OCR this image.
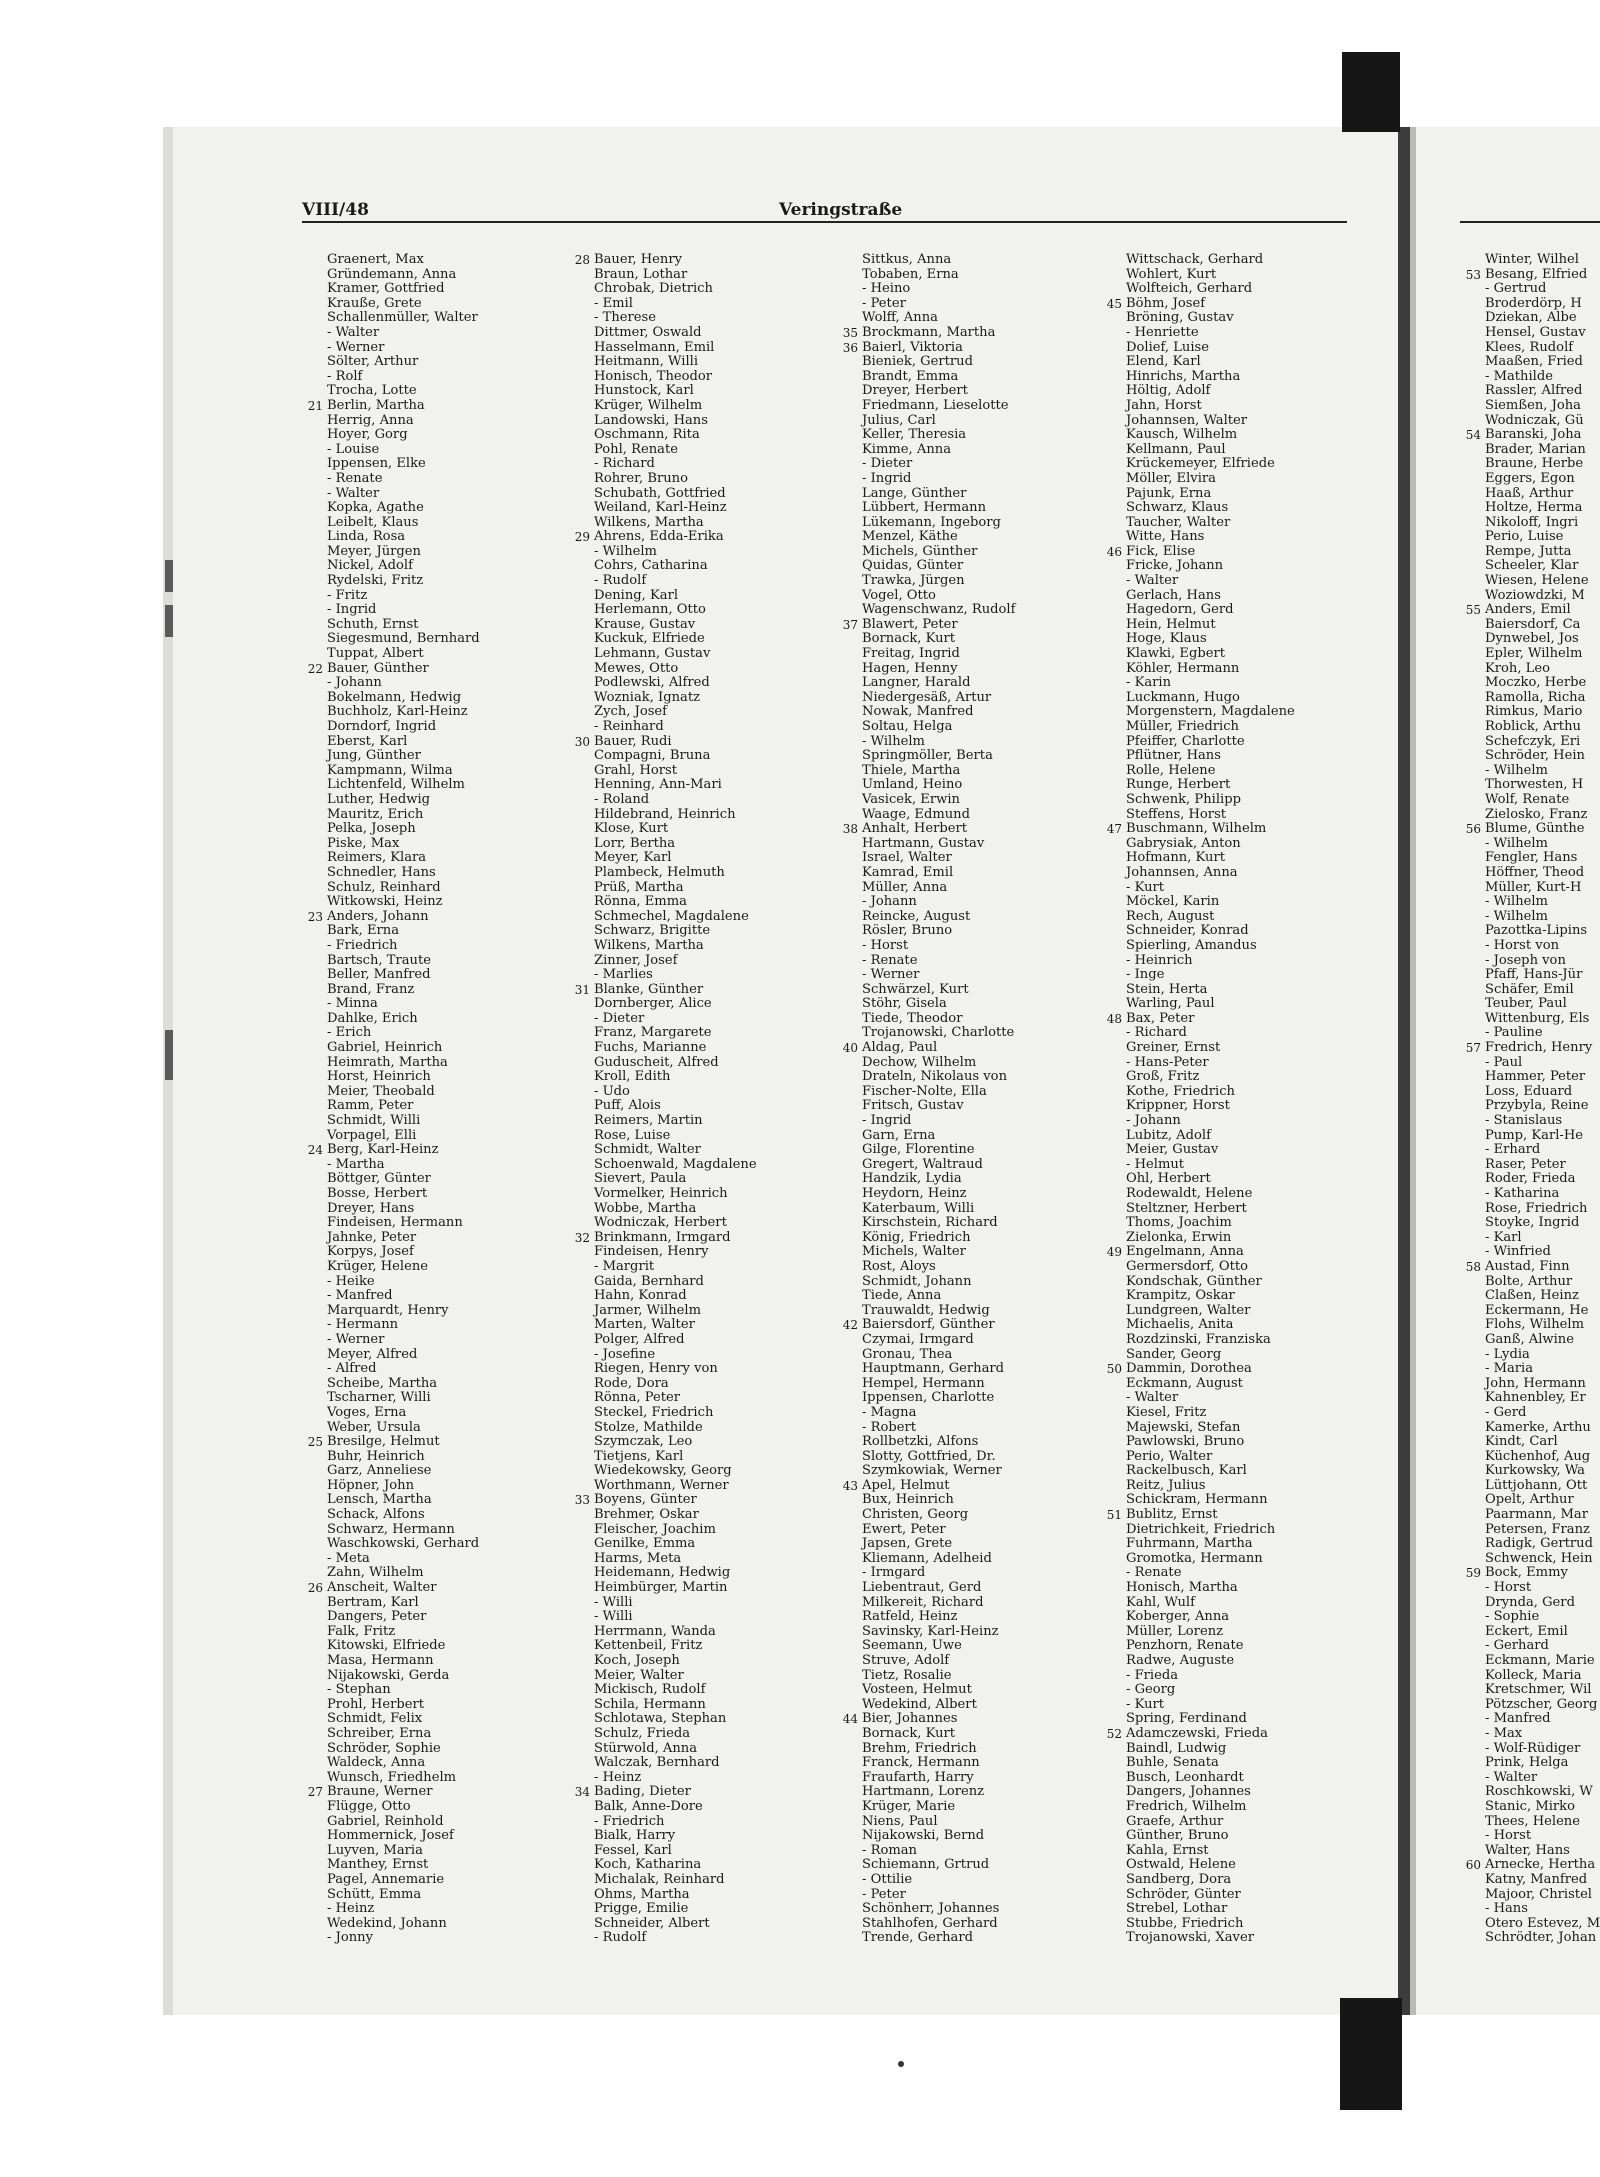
VIII/48	Veringstraße
Graenert, Max
Gründemann, Anna
Kramer, Gottfried
Krauße, Grete
Schallenmüller, Walter
- Walter
- Werner
Sölter, Arthur
- Rolf
Trocha, Lotte
21 Berlin, Martha
Herrig, Anna
Hoyer, Gorg
- Louise
Ippensen, Elke
- Renate
- Walter
Kopka, Agathe
Leibelt, Klaus
Linda, Rosa
Meyer, Jürgen
Nickel, Adolf
Rydelski, Fritz
- Fritz
- Ingrid
Schuth, Ernst
Siegesmund, Bernhard
Tuppat, Albert
22 Bauer, Günther
- Johann
Bokelmann, Hedwig
Buchholz, Karl-Heinz
Dorndorf, Ingrid
Eberst, Karl
Jung, Günther
Kampmann, Wilma
Lichtenfeld, Wilhelm
Luther, Hedwig
Mauritz, Erich
Pelka, Joseph
Piske, Max
Reimers, Klara
Schnedler, Hans
Schulz, Reinhard
Witkowski, Heinz
23 Anders, Johann
Bark, Erna
- Friedrich
Bartsch, Traute
Beller, Manfred
Brand, Franz
- Minna
Dahlke, Erich
- Erich
Gabriel, Heinrich
Heimrath, Martha
Horst, Heinrich
Meier, Theobald
Ramm, Peter
Schmidt, Willi
Vorpagel, Elli
24 Berg, Karl-Heinz
- Martha
Böttger, Günter
Bosse, Herbert
Dreyer, Hans
Findeisen, Hermann
Jahnke, Peter
Korpys, Josef
Krüger, Helene
- Heike
- Manfred
Marquardt, Henry
- Hermann
- Werner
Meyer, Alfred
- Alfred
Scheibe, Martha
Tscharner, Willi
Voges, Erna
Weber, Ursula
25 Bresilge, Helmut
Buhr, Heinrich
Garz, Anneliese
Höpner, John
Lensch, Martha
Schack, Alfons
Schwarz, Hermann
Waschkowski, Gerhard
- Meta
Zahn, Wilhelm
26 Anscheit, Walter
Bertram, Karl
Dangers, Peter
Falk, Fritz
Kitowski, Elfriede
Masa, Hermann
Nijakowski, Gerda
- Stephan
Prohl, Herbert
Schmidt, Felix
Schreiber, Erna
Schröder, Sophie
Waldeck, Anna
Wunsch, Friedhelm
27 Braune, Werner
Flügge, Otto
Gabriel, Reinhold
Hommernick, Josef
Luyven, Maria
Manthey, Ernst
Pagel, Annemarie
Schütt, Emma
- Heinz
Wedekind, Johann
- Jonny
28 Bauer, Henry
Braun, Lothar
Chrobak, Dietrich
- Emil
- Therese
Dittmer, Oswald
Hasselmann, Emil
Heitmann, Willi
Honisch, Theodor
Hunstock, Karl
Krüger, Wilhelm
Landowski, Hans
Oschmann, Rita
Pohl, Renate
- Richard
Rohrer, Bruno
Schubath, Gottfried
Weiland, Karl-Heinz
Wilkens, Martha
29 Ahrens, Edda-Erika
- Wilhelm
Cohrs, Catharina
- Rudolf
Dening, Karl
Herlemann, Otto
Krause, Gustav
Kuckuk, Elfriede
Lehmann, Gustav
Mewes, Otto
Podlewski, Alfred
Wozniak, Ignatz
Zych, Josef
- Reinhard
30 Bauer, Rudi
Compagni, Bruna
Grahl, Horst
Henning, Ann-Mari
- Roland
Hildebrand, Heinrich
Klose, Kurt
Lorr, Bertha
Meyer, Karl
Plambeck, Helmuth
Prüß, Martha
Rönna, Emma
Schmechel, Magdalene
Schwarz, Brigitte
Wilkens, Martha
Zinner, Josef
- Marlies
31 Blanke, Günther
Dornberger, Alice
- Dieter
Franz, Margarete
Fuchs, Marianne
Guduscheit, Alfred
Kroll, Edith
- Udo
Puff, Alois
Reimers, Martin
Rose, Luise
Schmidt, Walter
Schoenwald, Magdalene
Sievert, Paula
Vormelker, Heinrich
Wobbe, Martha
Wodniczak, Herbert
32 Brinkmann, Irmgard
Findeisen, Henry
- Margrit
Gaida, Bernhard
Hahn, Konrad
Jarmer, Wilhelm
Marten, Walter
Polger, Alfred
- Josefine
Riegen, Henry von
Rode, Dora
Rönna, Peter
Steckel, Friedrich
Stolze, Mathilde
Szymczak, Leo
Tietjens, Karl
Wiedekowsky, Georg
Worthmann, Werner
33 Boyens, Günter
Brehmer, Oskar
Fleischer, Joachim
Genilke, Emma
Harms, Meta
Heidemann, Hedwig
Heimbürger, Martin
- Willi
- Willi
Herrmann, Wanda
Kettenbeil, Fritz
Koch, Joseph
Meier, Walter
Mickisch, Rudolf
Schila, Hermann
Schlotawa, Stephan
Schulz, Frieda
Stürwold, Anna
Walczak, Bernhard
- Heinz
34 Bading, Dieter
Balk, Anne-Dore
- Friedrich
Bialk, Harry
Fessel, Karl
Koch, Katharina
Michalak, Reinhard
Ohms, Martha
Prigge, Emilie
Schneider, Albert
- Rudolf
Sittkus, Anna
Tobaben, Erna
- Heino
- Peter
Wolff, Anna
35 Brockmann, Martha
36 Baierl, Viktoria
Bieniek, Gertrud
Brandt, Emma
Dreyer, Herbert
Friedmann, Lieselotte
Julius, Carl
Keller, Theresia
Kimme, Anna
- Dieter
- Ingrid
Lange, Günther
Lübbert, Hermann
Lükemann, Ingeborg
Menzel, Käthe
Michels, Günther
Quidas, Günter
Trawka, Jürgen
Vogel, Otto
Wagenschwanz, Rudolf
37 Blawert, Peter
Bornack, Kurt
Freitag, Ingrid
Hagen, Henny
Langner, Harald
Niedergesäß, Artur
Nowak, Manfred
Soltau, Helga
- Wilhelm
Springmöller, Berta
Thiele, Martha
Umland, Heino
Vasicek, Erwin
Waage, Edmund
38 Anhalt, Herbert
Hartmann, Gustav
Israel, Walter
Kamrad, Emil
Müller, Anna
- Johann
Reincke, August
Rösler, Bruno
- Horst
- Renate
- Werner
Schwärzel, Kurt
Stöhr, Gisela
Tiede, Theodor
Trojanowski, Charlotte
40 Aldag, Paul
Dechow, Wilhelm
Drateln, Nikolaus von
Fischer-Nolte, Ella
Fritsch, Gustav
- Ingrid
Garn, Erna
Gilge, Florentine
Gregert, Waltraud
Handzik, Lydia
Heydorn, Heinz
Katerbaum, Willi
Kirschstein, Richard
König, Friedrich
Michels, Walter
Rost, Aloys
Schmidt, Johann
Tiede, Anna
Trauwaldt, Hedwig
42 Baiersdorf, Günther
Czymai, Irmgard
Gronau, Thea
Hauptmann, Gerhard
Hempel, Hermann
Ippensen, Charlotte
- Magna
- Robert
Rollbetzki, Alfons
Slotty, Gottfried, Dr.
Szymkowiak, Werner
43 Apel, Helmut
Bux, Heinrich
Christen, Georg
Ewert, Peter
Japsen, Grete
Kliemann, Adelheid
- Irmgard
Liebentraut, Gerd
Milkereit, Richard
Ratfeld, Heinz
Savinsky, Karl-Heinz
Seemann, Uwe
Struve, Adolf
Tietz, Rosalie
Vosteen, Helmut
Wedekind, Albert
44 Bier, Johannes
Bornack, Kurt
Brehm, Friedrich
Franck, Hermann
Fraufarth, Harry
Hartmann, Lorenz
Krüger, Marie
Niens, Paul
Nijakowski, Bernd
- Roman
Schiemann, Grtrud
- Ottilie
- Peter
Schönherr, Johannes
Stahlhofen, Gerhard
Trende, Gerhard
Wittschack, Gerhard
Wohlert, Kurt
Wolfteich, Gerhard
45 Böhm, Josef
Bröning, Gustav
- Henriette
Dolief, Luise
Elend, Karl
Hinrichs, Martha
Höltig, Adolf
Jahn, Horst
Johannsen, Walter
Kausch, Wilhelm
Kellmann, Paul
Krückemeyer, Elfriede
Möller, Elvira
Pajunk, Erna
Schwarz, Klaus
Taucher, Walter
Witte, Hans
46 Fick, Elise
Fricke, Johann
- Walter
Gerlach, Hans
Hagedorn, Gerd
Hein, Helmut
Hoge, Klaus
Klawki, Egbert
Köhler, Hermann
- Karin
Luckmann, Hugo
Morgenstern, Magdalene
Müller, Friedrich
Pfeiffer, Charlotte
Pflütner, Hans
Rolle, Helene
Runge, Herbert
Schwenk, Philipp
Steffens, Horst
47 Buschmann, Wilhelm
Gabrysiak, Anton
Hofmann, Kurt
Johannsen, Anna
- Kurt
Möckel, Karin
Rech, August
Schneider, Konrad
Spierling, Amandus
- Heinrich
- Inge
Stein, Herta
Warling, Paul
48 Bax, Peter
- Richard
Greiner, Ernst
- Hans-Peter
Groß, Fritz
Kothe, Friedrich
Krippner, Horst
- Johann
Lubitz, Adolf
Meier, Gustav
- Helmut
Ohl, Herbert
Rodewaldt, Helene
Steltzner, Herbert
Thoms, Joachim
Zielonka, Erwin
49 Engelmann, Anna
Germersdorf, Otto
Kondschak, Günther
Krampitz, Oskar
Lundgreen, Walter
Michaelis, Anita
Rozdzinski, Franziska
Sander, Georg
50 Dammin, Dorothea
Eckmann, August
- Walter
Kiesel, Fritz
Majewski, Stefan
Pawlowski, Bruno
Perio, Walter
Rackelbusch, Karl
Reitz, Julius
Schickram, Hermann
51 Bublitz, Ernst
Dietrichkeit, Friedrich
Fuhrmann, Martha
Gromotka, Hermann
- Renate
Honisch, Martha
Kahl, Wulf
Koberger, Anna
Müller, Lorenz
Penzhorn, Renate
Radwe, Auguste
- Frieda
- Georg
- Kurt
Spring, Ferdinand
52 Adamczewski, Frieda
Baindl, Ludwig
Buhle, Senata
Busch, Leonhardt
Dangers, Johannes
Fredrich, Wilhelm
Graefe, Arthur
Günther, Bruno
Kahla, Ernst
Ostwald, Helene
Sandberg, Dora
Schröder, Günter
Strebel, Lothar
Stubbe, Friedrich
Trojanowski, Xaver
Winter, Wilhel
53 Besang, Elfried
- Gertrud
Broderdörp, H
Dziekan, Albe
Hensel, Gustav
Klees, Rudolf
Maaßen, Fried
- Mathilde
Rassler, Alfred
Siemßen, Joha
Wodniczak, Gü
54 Baranski, Joha
Brader, Marian
Braune, Herbe
Eggers, Egon
Haaß, Arthur
Holtze, Herma
Nikoloff, Ingri
Perio, Luise
Rempe, Jutta
Scheeler, Klar
Wiesen, Helene
Woziowdzki, M
55 Anders, Emil
Baiersdorf, Ca
Dynwebel, Jos
Epler, Wilhelm
Kroh, Leo
Moczko, Herbe
Ramolla, Richa
Rimkus, Mario
Roblick, Arthu
Schefczyk, Eri
Schröder, Hein
- Wilhelm
Thorwesten, H
Wolf, Renate
Zielosko, Franz
56 Blume, Günthe
- Wilhelm
Fengler, Hans
Höffner, Theod
Müller, Kurt-H
- Wilhelm
- Wilhelm
Pazottka-Lipins
- Horst von
- Joseph von
Pfaff, Hans-Jür
Schäfer, Emil
Teuber, Paul
Wittenburg, Els
- Pauline
57 Fredrich, Henry
- Paul
Hammer, Peter
Loss, Eduard
Przybyla, Reine
- Stanislaus
Pump, Karl-He
- Erhard
Raser, Peter
Roder, Frieda
- Katharina
Rose, Friedrich
Stoyke, Ingrid
- Karl
- Winfried
58 Austad, Finn
Bolte, Arthur
Claßen, Heinz
Eckermann, He
Flohs, Wilhelm
Ganß, Alwine
- Lydia
- Maria
John, Hermann
Kahnenbley, Er
- Gerd
Kamerke, Arthu
Kindt, Carl
Küchenhof, Aug
Kurkowsky, Wa
Lüttjohann, Ott
Opelt, Arthur
Paarmann, Mar
Petersen, Franz
Radigk, Gertrud
Schwenck, Hein
59 Bock, Emmy
- Horst
Drynda, Gerd
- Sophie
Eckert, Emil
- Gerhard
Eckmann, Marie
Kolleck, Maria
Kretschmer, Wil
Pötzscher, Georg
- Manfred
- Max
- Wolf-Rüdiger
Prink, Helga
- Walter
Roschkowski, W
Stanic, Mirko
Thees, Helene
- Horst
Walter, Hans
60 Arnecke, Hertha
Katny, Manfred
Majoor, Christel
- Hans
Otero Estevez, M
Schrödter, Johan
